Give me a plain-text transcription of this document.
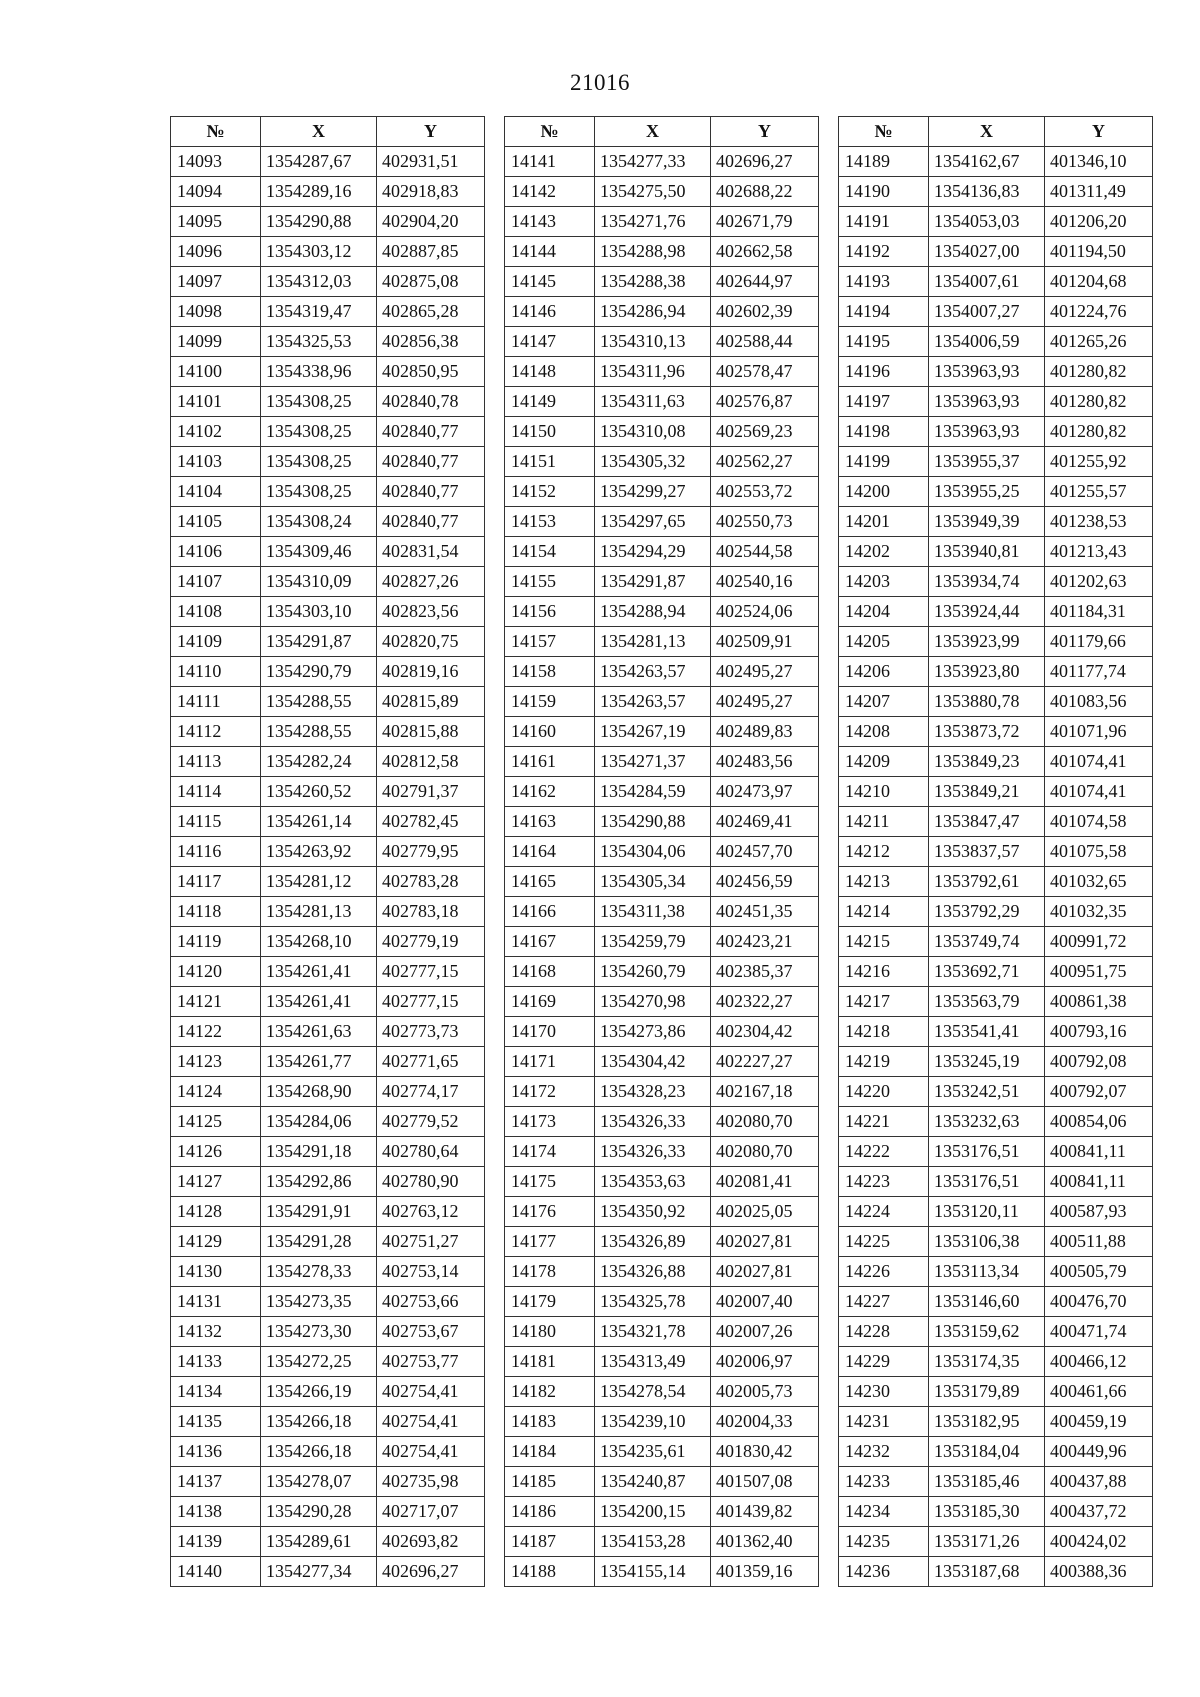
21016
№	X	Y
14093	1354287,67	402931,51
14094	1354289,16	402918,83
14095	1354290,88	402904,20
14096	1354303,12	402887,85
14097	1354312,03	402875,08
14098	1354319,47	402865,28
14099	1354325,53	402856,38
14100	1354338,96	402850,95
14101	1354308,25	402840,78
14102	1354308,25	402840,77
14103	1354308,25	402840,77
14104	1354308,25	402840,77
14105	1354308,24	402840,77
14106	1354309,46	402831,54
14107	1354310,09	402827,26
14108	1354303,10	402823,56
14109	1354291,87	402820,75
14110	1354290,79	402819,16
14111	1354288,55	402815,89
14112	1354288,55	402815,88
14113	1354282,24	402812,58
14114	1354260,52	402791,37
14115	1354261,14	402782,45
14116	1354263,92	402779,95
14117	1354281,12	402783,28
14118	1354281,13	402783,18
14119	1354268,10	402779,19
14120	1354261,41	402777,15
14121	1354261,41	402777,15
14122	1354261,63	402773,73
14123	1354261,77	402771,65
14124	1354268,90	402774,17
14125	1354284,06	402779,52
14126	1354291,18	402780,64
14127	1354292,86	402780,90
14128	1354291,91	402763,12
14129	1354291,28	402751,27
14130	1354278,33	402753,14
14131	1354273,35	402753,66
14132	1354273,30	402753,67
14133	1354272,25	402753,77
14134	1354266,19	402754,41
14135	1354266,18	402754,41
14136	1354266,18	402754,41
14137	1354278,07	402735,98
14138	1354290,28	402717,07
14139	1354289,61	402693,82
14140	1354277,34	402696,27
№	X	Y
14141	1354277,33	402696,27
14142	1354275,50	402688,22
14143	1354271,76	402671,79
14144	1354288,98	402662,58
14145	1354288,38	402644,97
14146	1354286,94	402602,39
14147	1354310,13	402588,44
14148	1354311,96	402578,47
14149	1354311,63	402576,87
14150	1354310,08	402569,23
14151	1354305,32	402562,27
14152	1354299,27	402553,72
14153	1354297,65	402550,73
14154	1354294,29	402544,58
14155	1354291,87	402540,16
14156	1354288,94	402524,06
14157	1354281,13	402509,91
14158	1354263,57	402495,27
14159	1354263,57	402495,27
14160	1354267,19	402489,83
14161	1354271,37	402483,56
14162	1354284,59	402473,97
14163	1354290,88	402469,41
14164	1354304,06	402457,70
14165	1354305,34	402456,59
14166	1354311,38	402451,35
14167	1354259,79	402423,21
14168	1354260,79	402385,37
14169	1354270,98	402322,27
14170	1354273,86	402304,42
14171	1354304,42	402227,27
14172	1354328,23	402167,18
14173	1354326,33	402080,70
14174	1354326,33	402080,70
14175	1354353,63	402081,41
14176	1354350,92	402025,05
14177	1354326,89	402027,81
14178	1354326,88	402027,81
14179	1354325,78	402007,40
14180	1354321,78	402007,26
14181	1354313,49	402006,97
14182	1354278,54	402005,73
14183	1354239,10	402004,33
14184	1354235,61	401830,42
14185	1354240,87	401507,08
14186	1354200,15	401439,82
14187	1354153,28	401362,40
14188	1354155,14	401359,16
№	X	Y
14189	1354162,67	401346,10
14190	1354136,83	401311,49
14191	1354053,03	401206,20
14192	1354027,00	401194,50
14193	1354007,61	401204,68
14194	1354007,27	401224,76
14195	1354006,59	401265,26
14196	1353963,93	401280,82
14197	1353963,93	401280,82
14198	1353963,93	401280,82
14199	1353955,37	401255,92
14200	1353955,25	401255,57
14201	1353949,39	401238,53
14202	1353940,81	401213,43
14203	1353934,74	401202,63
14204	1353924,44	401184,31
14205	1353923,99	401179,66
14206	1353923,80	401177,74
14207	1353880,78	401083,56
14208	1353873,72	401071,96
14209	1353849,23	401074,41
14210	1353849,21	401074,41
14211	1353847,47	401074,58
14212	1353837,57	401075,58
14213	1353792,61	401032,65
14214	1353792,29	401032,35
14215	1353749,74	400991,72
14216	1353692,71	400951,75
14217	1353563,79	400861,38
14218	1353541,41	400793,16
14219	1353245,19	400792,08
14220	1353242,51	400792,07
14221	1353232,63	400854,06
14222	1353176,51	400841,11
14223	1353176,51	400841,11
14224	1353120,11	400587,93
14225	1353106,38	400511,88
14226	1353113,34	400505,79
14227	1353146,60	400476,70
14228	1353159,62	400471,74
14229	1353174,35	400466,12
14230	1353179,89	400461,66
14231	1353182,95	400459,19
14232	1353184,04	400449,96
14233	1353185,46	400437,88
14234	1353185,30	400437,72
14235	1353171,26	400424,02
14236	1353187,68	400388,36
